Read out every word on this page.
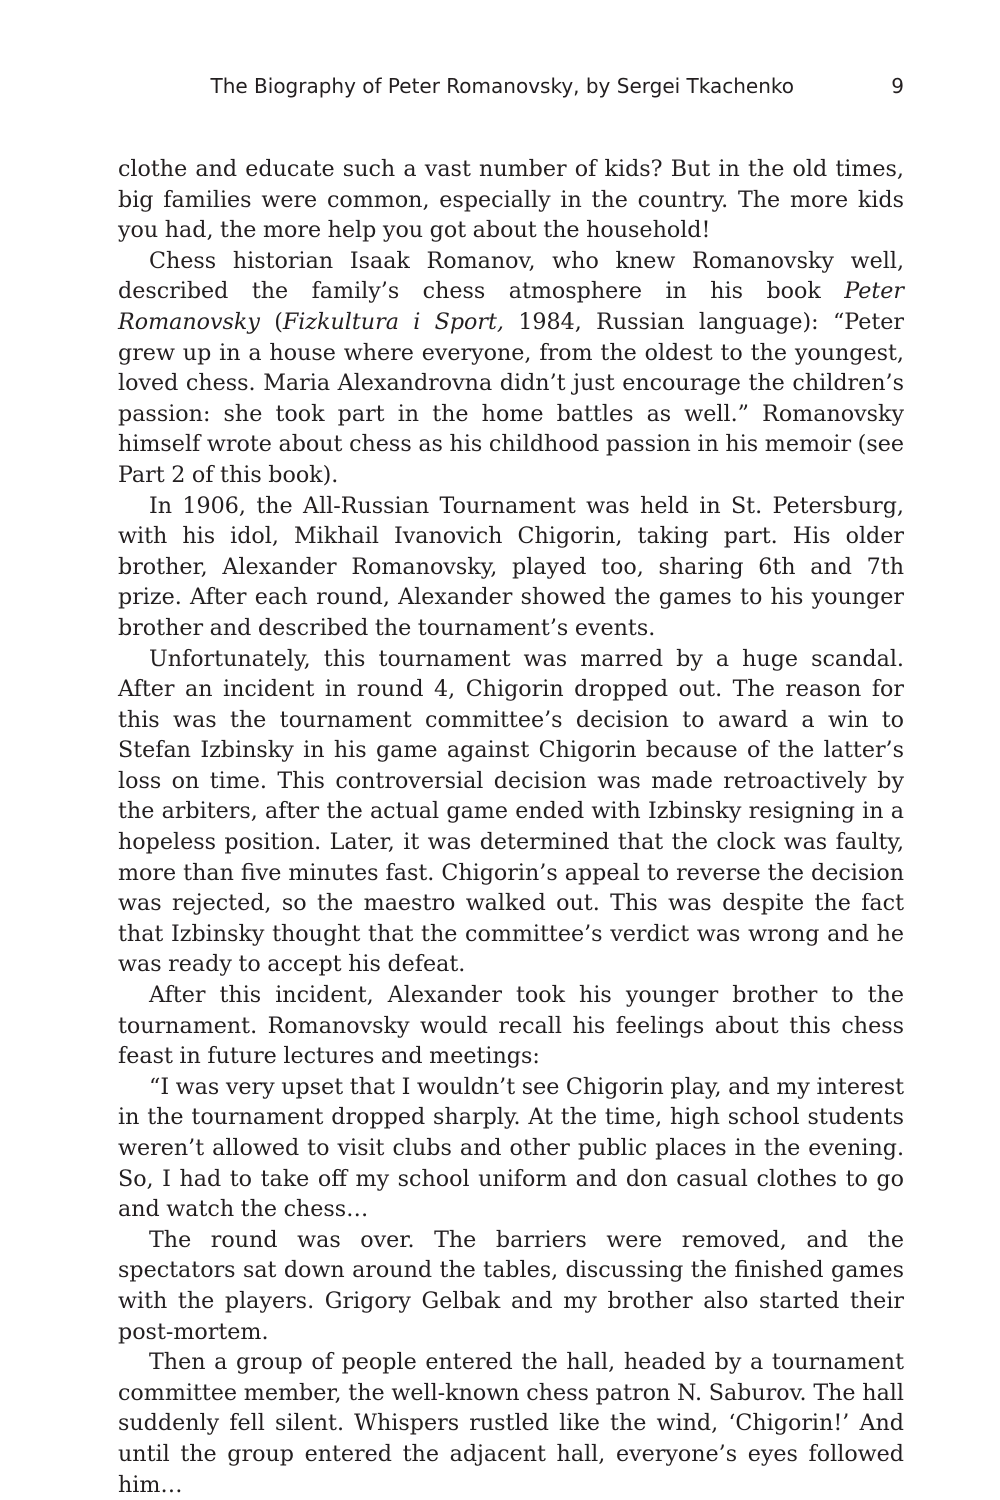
The Biography of Peter Romanovsky, by Sergei Tkachenko	9

clothe and educate such a vast number of kids? But in the old times, big families were common, especially in the country. The more kids you had, the more help you got about the household!

Chess historian Isaak Romanov, who knew Romanovsky well, described the family’s chess atmosphere in his book Peter Romanovsky (Fizkultura i Sport, 1984, Russian language): “Peter grew up in a house where everyone, from the oldest to the youngest, loved chess. Maria Alexandrovna didn’t just encourage the children’s passion: she took part in the home battles as well.” Romanovsky himself wrote about chess as his childhood passion in his memoir (see Part 2 of this book).

In 1906, the All-Russian Tournament was held in St. Petersburg, with his idol, Mikhail Ivanovich Chigorin, taking part. His older brother, Alexander Romanovsky, played too, sharing 6th and 7th prize. After each round, Alexander showed the games to his younger brother and described the tournament’s events.

Unfortunately, this tournament was marred by a huge scandal. After an incident in round 4, Chigorin dropped out. The reason for this was the tournament committee’s decision to award a win to Stefan Izbinsky in his game against Chigorin because of the latter’s loss on time. This controversial decision was made retroactively by the arbiters, after the actual game ended with Izbinsky resigning in a hopeless position. Later, it was determined that the clock was faulty, more than five minutes fast. Chigorin’s appeal to reverse the decision was rejected, so the maestro walked out. This was despite the fact that Izbinsky thought that the committee’s verdict was wrong and he was ready to accept his defeat.

After this incident, Alexander took his younger brother to the tournament. Romanovsky would recall his feelings about this chess feast in future lectures and meetings:

“I was very upset that I wouldn’t see Chigorin play, and my interest in the tournament dropped sharply. At the time, high school students weren’t allowed to visit clubs and other public places in the evening. So, I had to take off my school uniform and don casual clothes to go and watch the chess…

The round was over. The barriers were removed, and the spectators sat down around the tables, discussing the finished games with the players. Grigory Gelbak and my brother also started their post-mortem.

Then a group of people entered the hall, headed by a tournament committee member, the well-known chess patron N. Saburov. The hall suddenly fell silent. Whispers rustled like the wind, ‘Chigorin!’ And until the group entered the adjacent hall, everyone’s eyes followed him…
